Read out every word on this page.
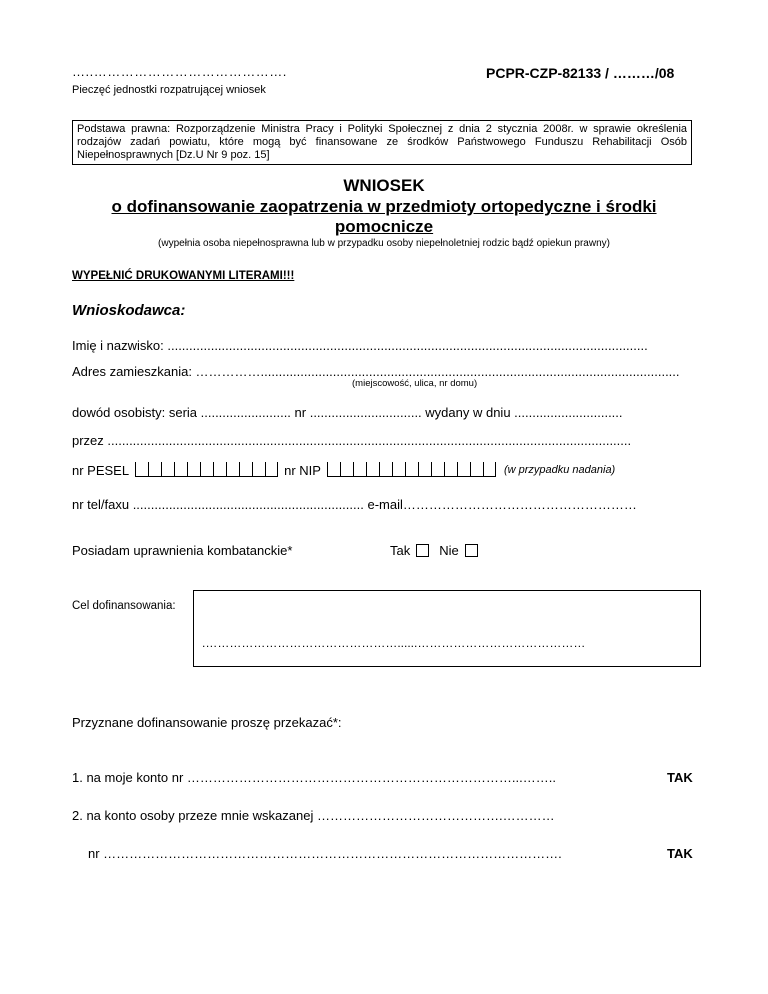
…..…………………………………….
Pieczęć jednostki rozpatrującej wniosek
PCPR-CZP-82133 / ………/08
Podstawa prawna: Rozporządzenie Ministra Pracy i Polityki Społecznej z dnia 2 stycznia 2008r. w sprawie określenia rodzajów zadań powiatu, które mogą być finansowane ze środków Państwowego Funduszu Rehabilitacji Osób Niepełnosprawnych [Dz.U Nr 9 poz. 15]
WNIOSEK
o dofinansowanie zaopatrzenia w przedmioty ortopedyczne i środki
pomocnicze
(wypełnia osoba niepełnosprawna lub w przypadku osoby niepełnoletniej rodzic bądź opiekun prawny)
WYPEŁNIĆ DRUKOWANYMI LITERAMI!!!
Wnioskodawca:
Imię i nazwisko: .....................................................................................................................................
Adres zamieszkania: ……………....................................................................................................................
(miejscowość, ulica, nr domu)
dowód osobisty: seria ......................... nr ............................... wydany w dniu ..............................
przez .................................................................................................................................................
nr PESEL	nr NIP	(w przypadku nadania)
nr tel/faxu ................................................................ e-mail………………………………………………
Posiadam uprawnienia kombatanckie*	Tak Nie
Cel dofinansowania:
.…………………………………………......……………………………………
Przyznane dofinansowanie proszę przekazać*:
1. na moje konto nr …………………………………………………………………...……..	TAK
2. na konto osoby przeze mnie wskazanej …………………………………….…………
nr …………………………………………………………………………………………….	TAK
